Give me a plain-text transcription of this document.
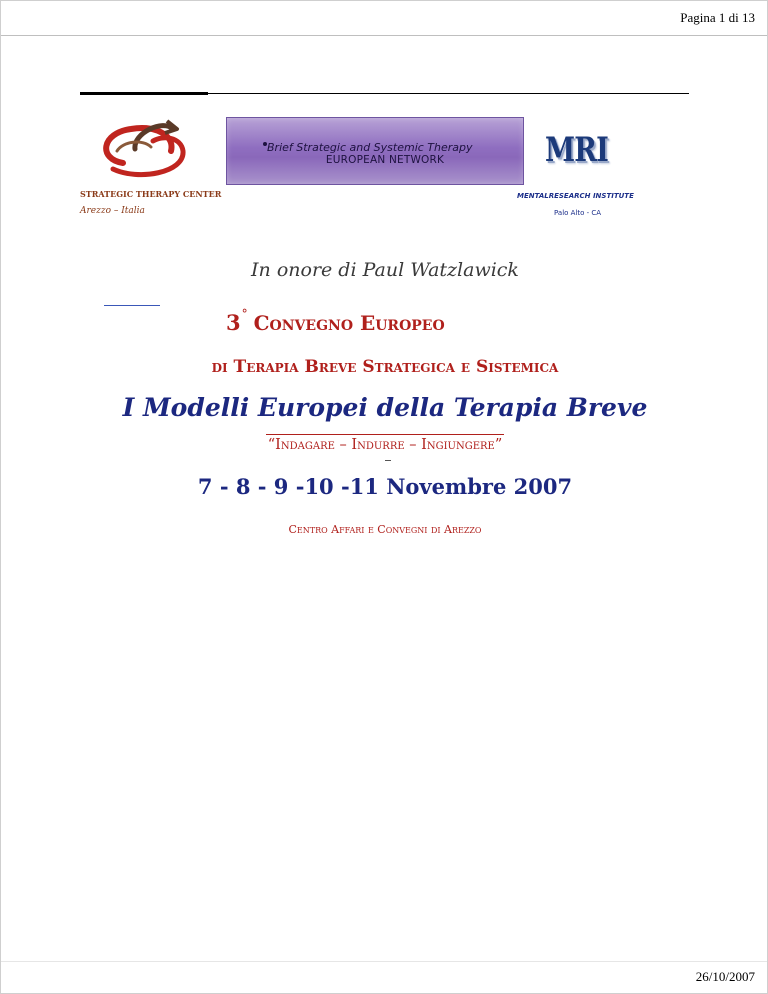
Pagina 1 di 13
Brief Strategic and Systemic Therapy
EUROPEAN NETWORK	MRI
STRATEGIC THERAPY CENTER
Arezzo – Italia
MENTALRESEARCH INSTITUTE
Palo Alto - CA
In onore di Paul Watzlawick
3° Convegno Europeo
di Terapia Breve Strategica e Sistemica
I Modelli Europei della Terapia Breve
“Indagare – Indurre – Ingiungere”
7 - 8 - 9 -10 -11 Novembre 2007
Centro Affari e Convegni di Arezzo
26/10/2007
